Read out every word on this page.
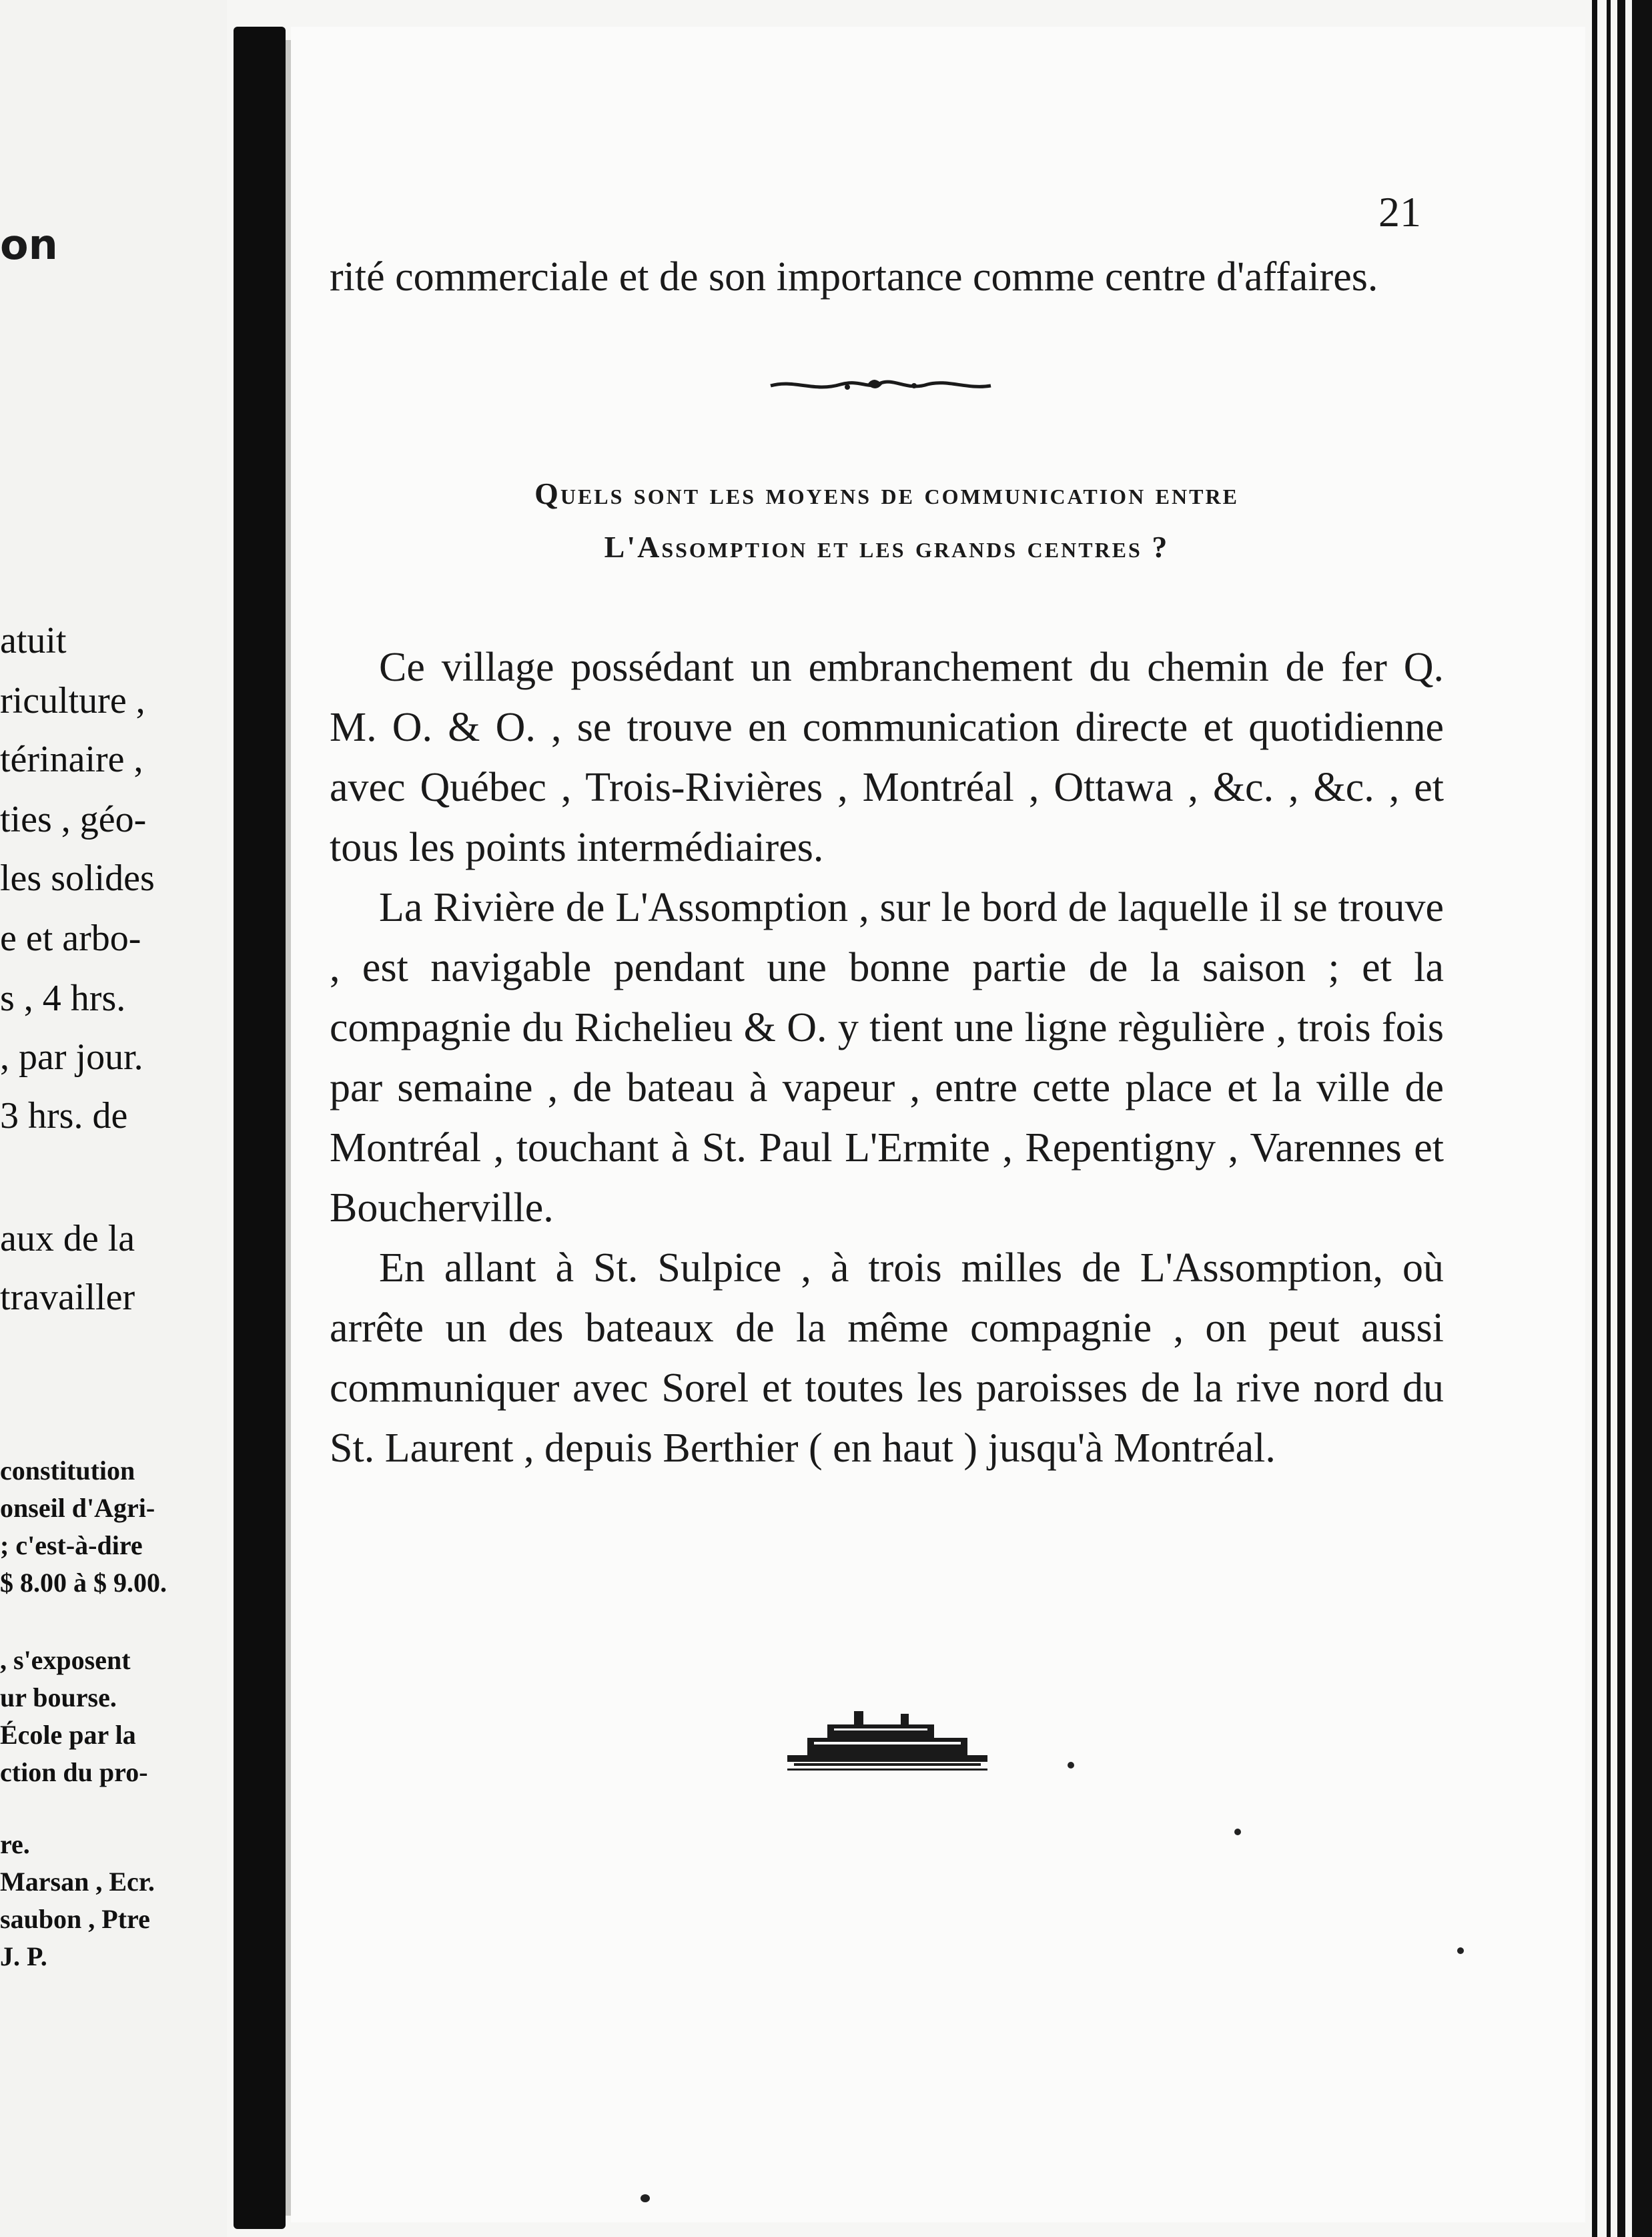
on
atuit
riculture ,
térinaire ,
ties , géo-
les solides
e et arbo-
s , 4 hrs.
, par jour.
3 hrs. de
aux de la
travailler
constitution
onseil d'Agri-
; c'est-à-dire
$ 8.00 à $ 9.00.
, s'exposent
ur bourse.
École par la
ction du pro-
re.
Marsan , Ecr.
saubon , Ptre
J. P.
21

rité commerciale et de son importance comme centre d'affaires.

Quels sont les moyens de communication entre
L'Assomption et les grands centres ?

Ce village possédant un embranchement du chemin de fer Q. M. O. & O. , se trouve en communication directe et quotidienne avec Québec , Trois-Rivières , Montréal , Ottawa , &c. , &c. , et tous les points intermédiaires.

La Rivière de L'Assomption , sur le bord de laquelle il se trouve , est navigable pendant une bonne partie de la saison ; et la compagnie du Richelieu & O. y tient une ligne règulière , trois fois par semaine , de bateau à vapeur , entre cette place et la ville de Montréal , touchant à St. Paul L'Ermite , Repentigny , Varennes et Boucherville.

En allant à St. Sulpice , à trois milles de L'Assomption, où arrête un des bateaux de la même compagnie , on peut aussi communiquer avec Sorel et toutes les paroisses de la rive nord du St. Laurent , depuis Berthier ( en haut ) jusqu'à Montréal.
